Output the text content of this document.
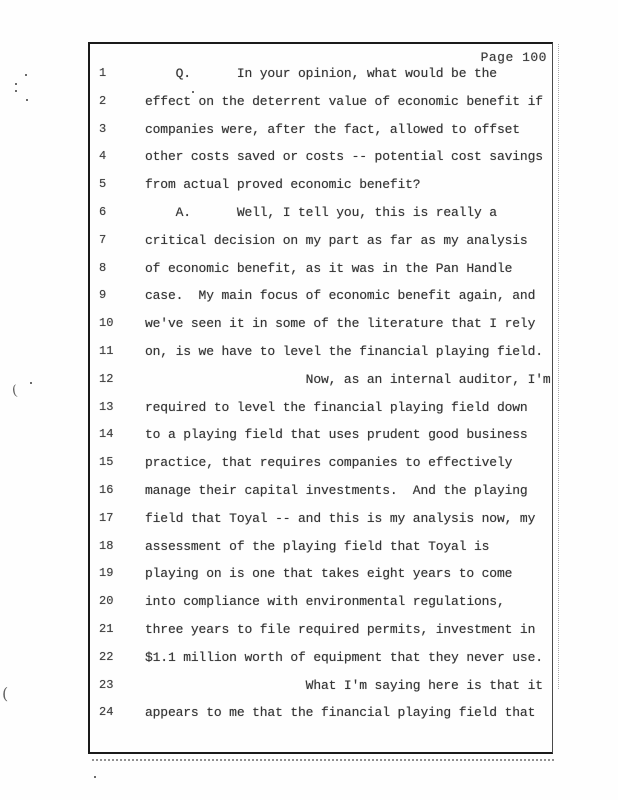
(
(
Page 100
1	Q.      In your opinion, what would be the
2	effect on the deterrent value of economic benefit if
3	companies were, after the fact, allowed to offset
4	other costs saved or costs -- potential cost savings
5	from actual proved economic benefit?
6	A.      Well, I tell you, this is really a
7	critical decision on my part as far as my analysis
8	of economic benefit, as it was in the Pan Handle
9	case.  My main focus of economic benefit again, and
10	we've seen it in some of the literature that I rely
11	on, is we have to level the financial playing field.
12	Now, as an internal auditor, I'm
13	required to level the financial playing field down
14	to a playing field that uses prudent good business
15	practice, that requires companies to effectively
16	manage their capital investments.  And the playing
17	field that Toyal -- and this is my analysis now, my
18	assessment of the playing field that Toyal is
19	playing on is one that takes eight years to come
20	into compliance with environmental regulations,
21	three years to file required permits, investment in
22	$1.1 million worth of equipment that they never use.
23	What I'm saying here is that it
24	appears to me that the financial playing field that
